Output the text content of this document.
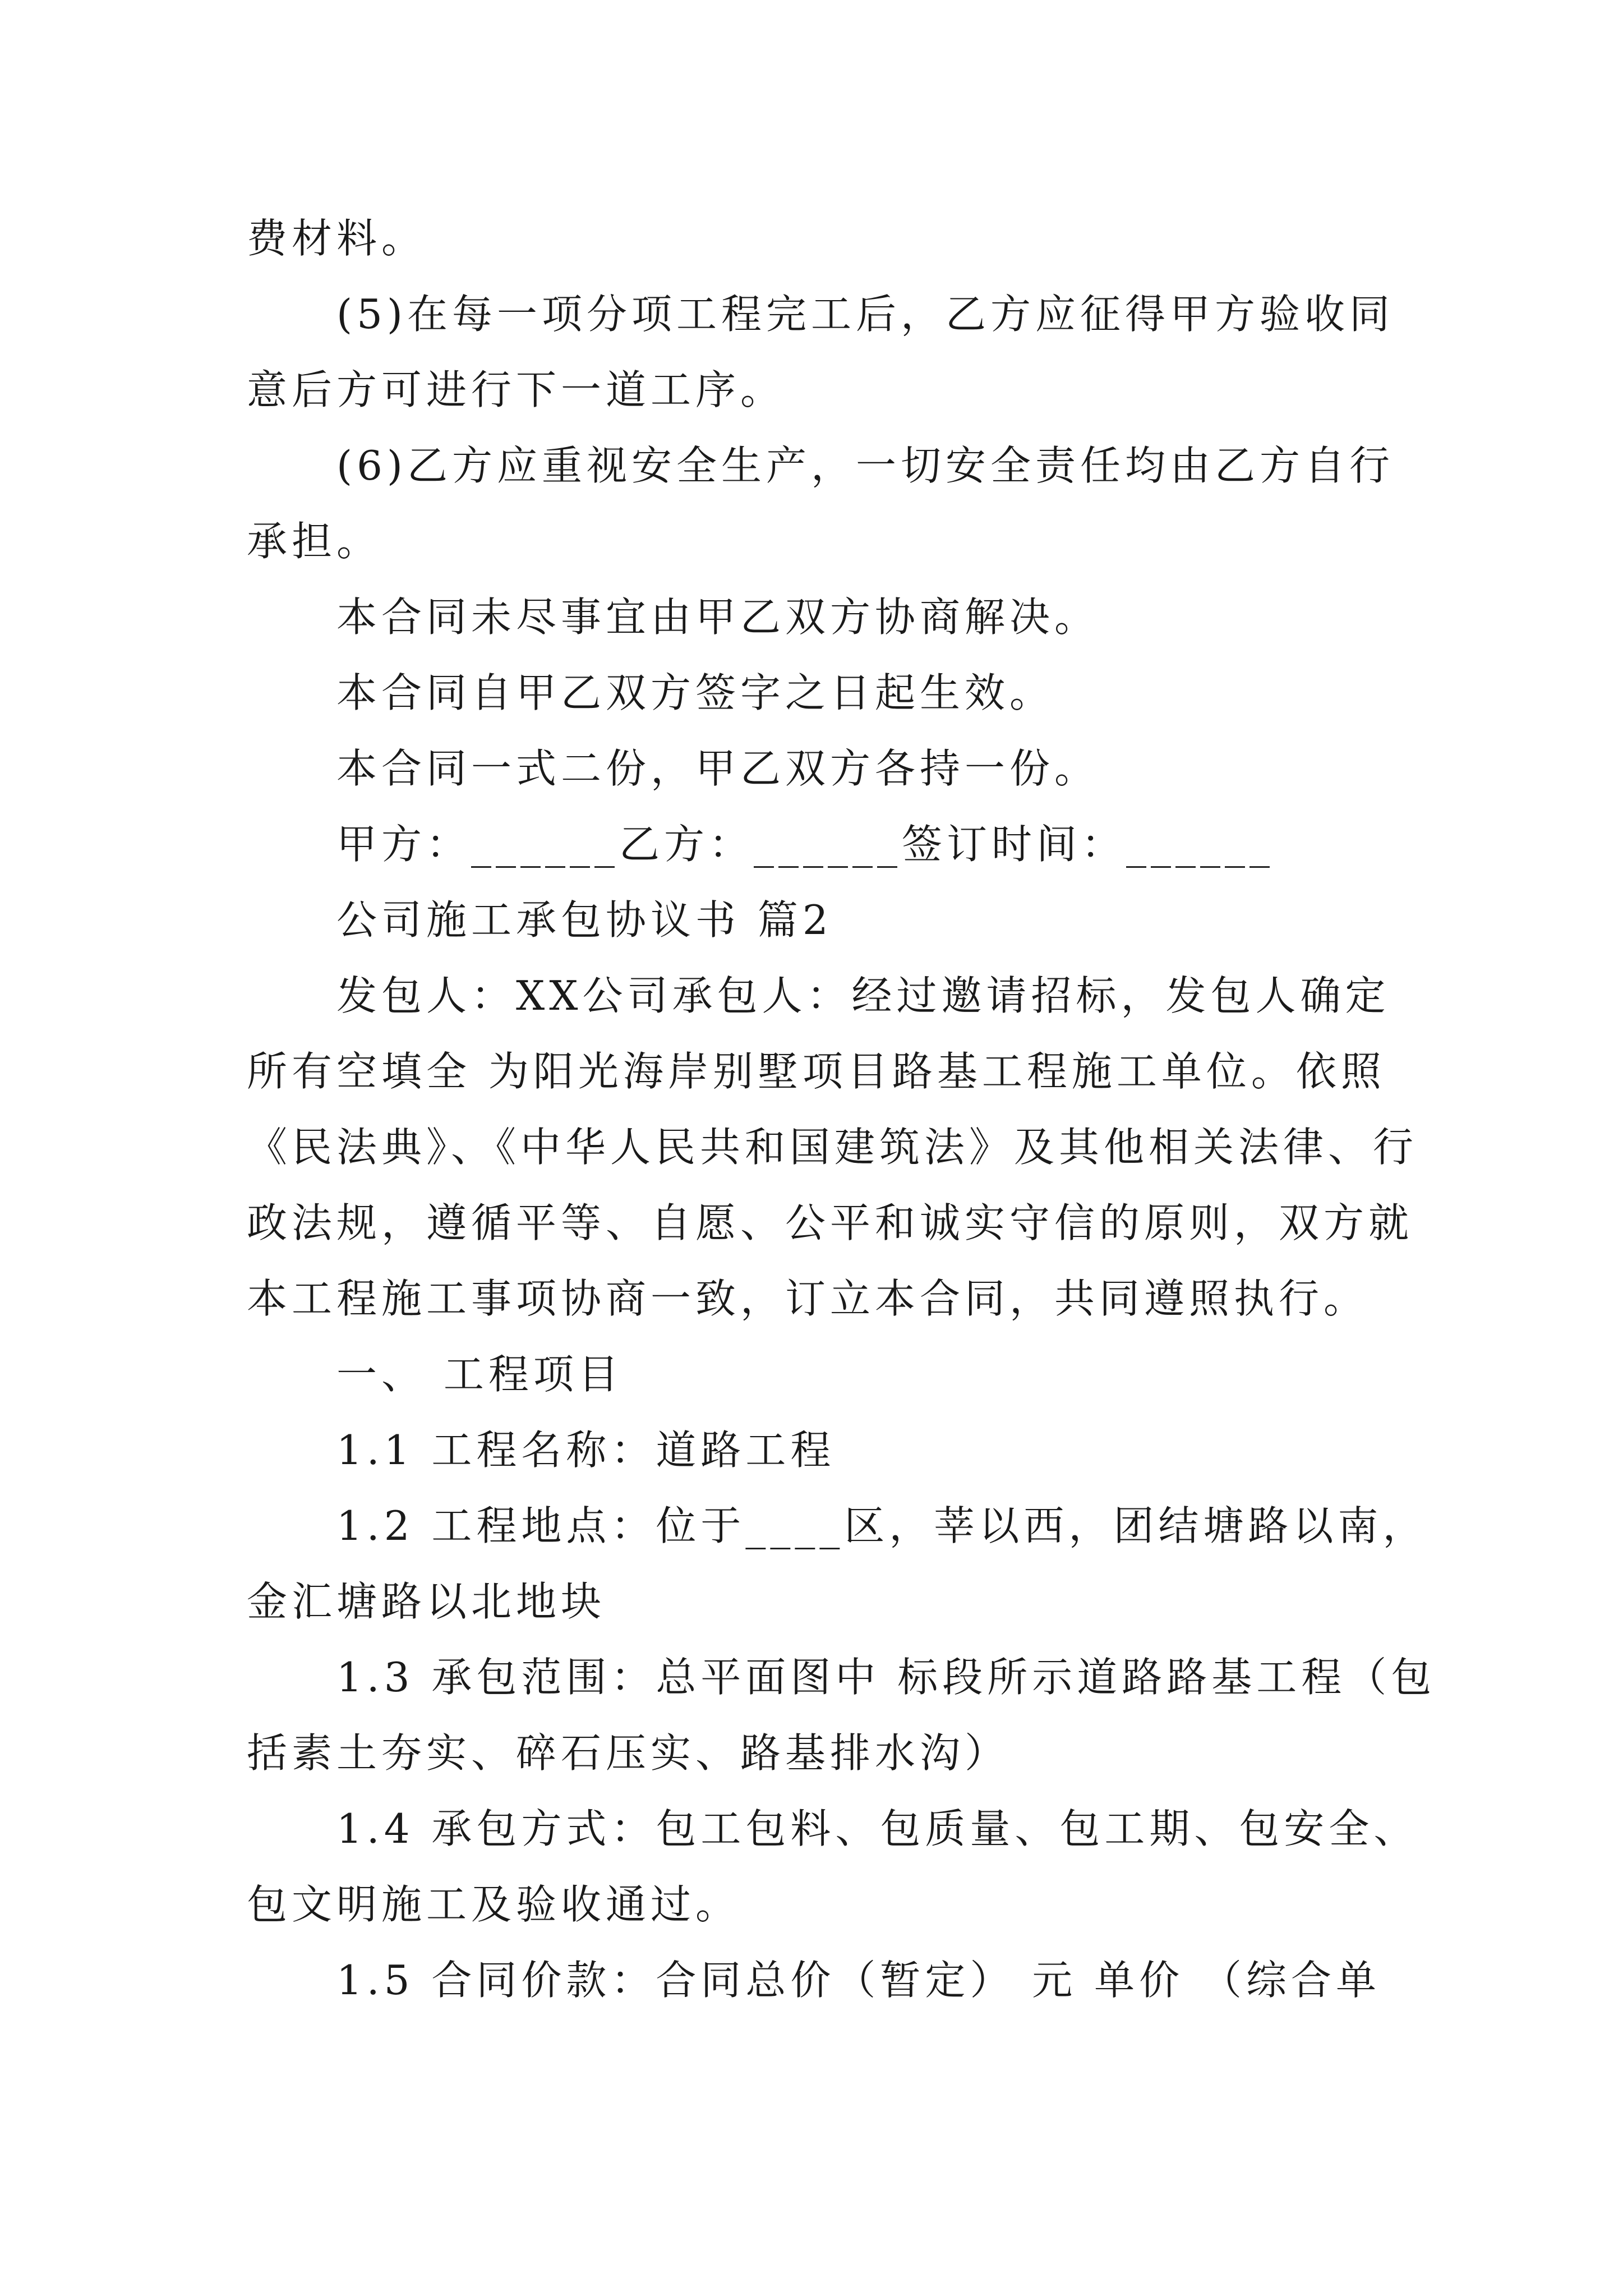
费材料。
(5)在每一项分项工程完工后，乙方应征得甲方验收同
意后方可进行下一道工序。
(6)乙方应重视安全生产，一切安全责任均由乙方自行
承担。
本合同未尽事宜由甲乙双方协商解决。
本合同自甲乙双方签字之日起生效。
本合同一式二份，甲乙双方各持一份。
甲方：______乙方：______签订时间：______
公司施工承包协议书 篇2
发包人：XX公司承包人：经过邀请招标，发包人确定
所有空填全 为阳光海岸别墅项目路基工程施工单位。依照
《民法典》、《中华人民共和国建筑法》及其他相关法律、行
政法规，遵循平等、自愿、公平和诚实守信的原则，双方就
本工程施工事项协商一致，订立本合同，共同遵照执行。
一、 工程项目
1.1 工程名称：道路工程
1.2 工程地点：位于____区，莘以西，团结塘路以南，
金汇塘路以北地块
1.3 承包范围：总平面图中 标段所示道路路基工程（包
括素土夯实、碎石压实、路基排水沟）
1.4 承包方式：包工包料、包质量、包工期、包安全、
包文明施工及验收通过。
1.5 合同价款：合同总价（暂定） 元 单价 （综合单
